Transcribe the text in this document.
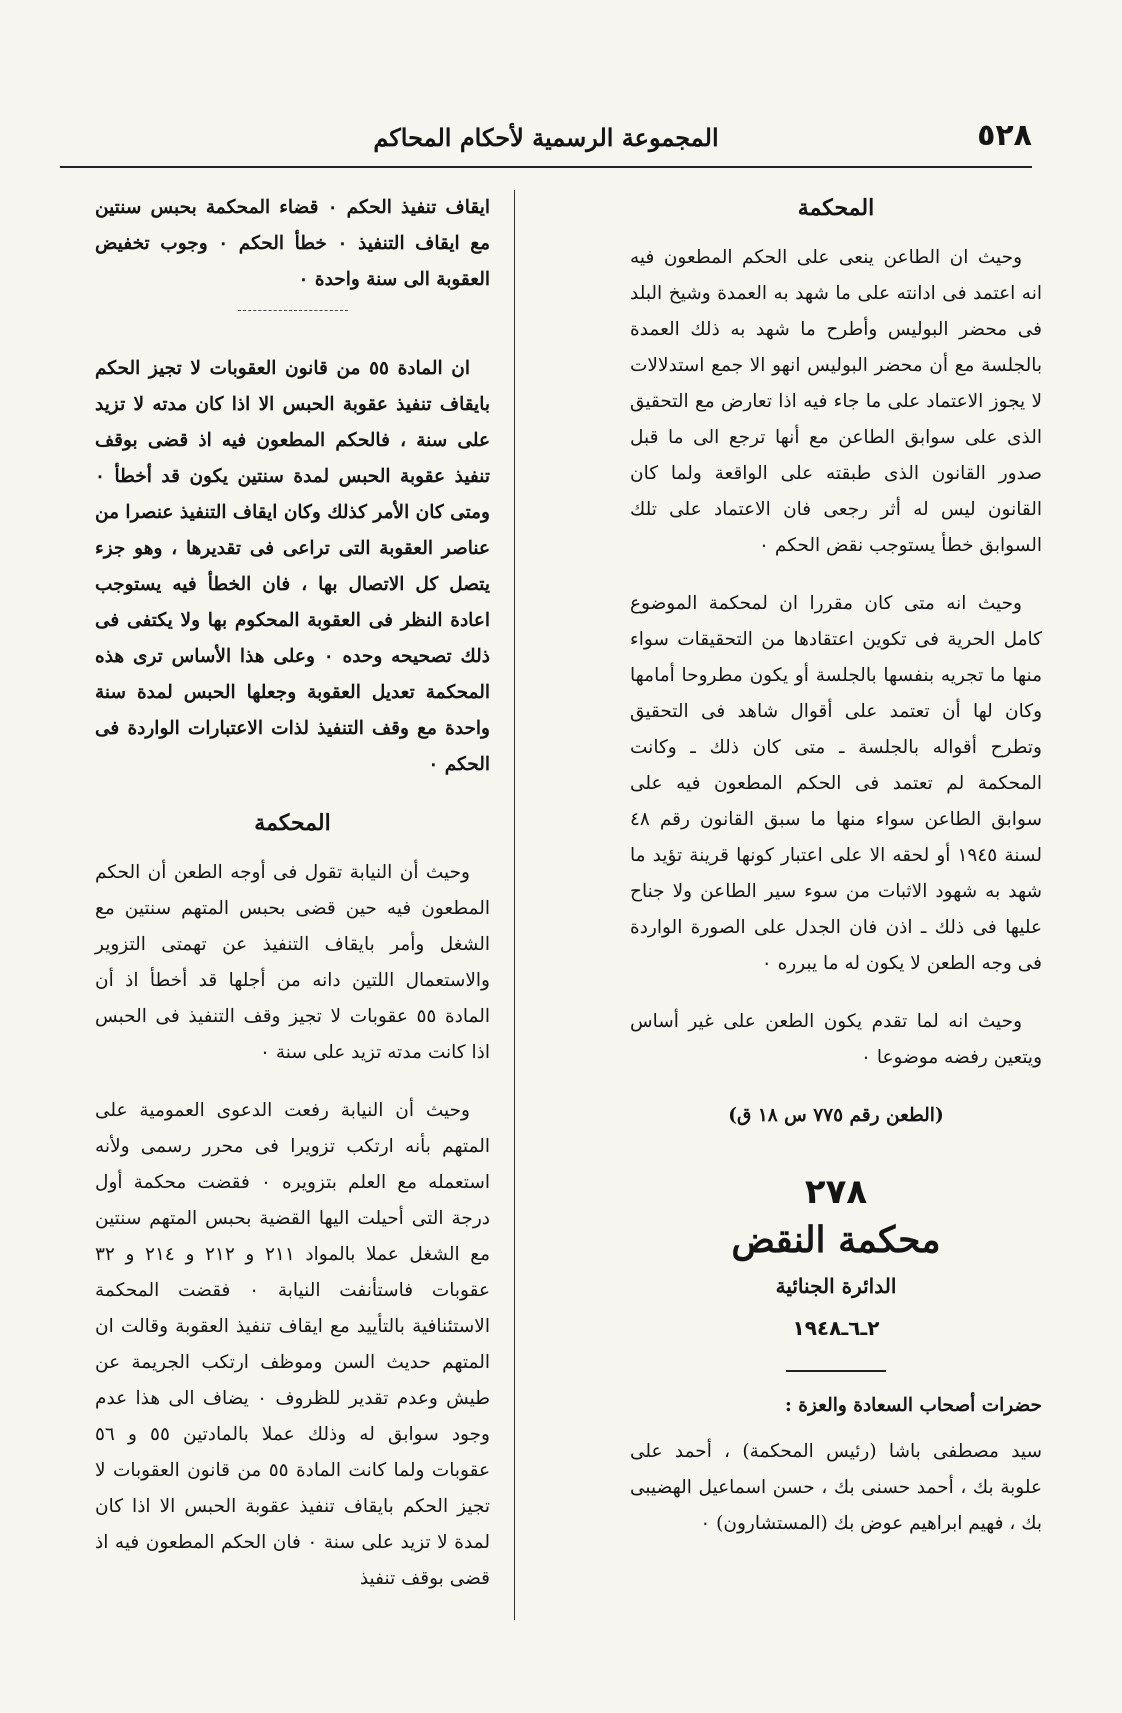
المجموعة الرسمية لأحكام المحاكم	٥٢٨
المحكمة

وحيث ان الطاعن ينعى على الحكم المطعون فيه انه اعتمد فى ادانته على ما شهد به العمدة وشيخ البلد فى محضر البوليس وأطرح ما شهد به ذلك العمدة بالجلسة مع أن محضر البوليس انهو الا جمع استدلالات لا يجوز الاعتماد على ما جاء فيه اذا تعارض مع التحقيق الذى على سوابق الطاعن مع أنها ترجع الى ما قبل صدور القانون الذى طبقته على الواقعة ولما كان القانون ليس له أثر رجعى فان الاعتماد على تلك السوابق خطأ يستوجب نقض الحكم ٠

وحيث انه متى كان مقررا ان لمحكمة الموضوع كامل الحرية فى تكوين اعتقادها من التحقيقات سواء منها ما تجريه بنفسها بالجلسة أو يكون مطروحا أمامها وكان لها أن تعتمد على أقوال شاهد فى التحقيق وتطرح أقواله بالجلسة ـ متى كان ذلك ـ وكانت المحكمة لم تعتمد فى الحكم المطعون فيه على سوابق الطاعن سواء منها ما سبق القانون رقم ٤٨ لسنة ١٩٤٥ أو لحقه الا على اعتبار كونها قرينة تؤيد ما شهد به شهود الاثبات من سوء سير الطاعن ولا جناح عليها فى ذلك ـ اذن فان الجدل على الصورة الواردة فى وجه الطعن لا يكون له ما يبرره ٠

وحيث انه لما تقدم يكون الطعن على غير أساس ويتعين رفضه موضوعا ٠

(الطعن رقم ٧٧٥ س ١٨ ق)
٢٧٨
محكمة النقض
الدائرة الجنائية
٢ـ٦ـ١٩٤٨
حضرات أصحاب السعادة والعزة :

سيد مصطفى باشا (رئيس المحكمة) ، أحمد على علوبة بك ، أحمد حسنى بك ، حسن اسماعيل الهضيبى بك ، فهيم ابراهيم عوض بك (المستشارون) ٠

ايقاف تنفيذ الحكم ٠ قضاء المحكمة بحبس سنتين مع ايقاف التنفيذ ٠ خطأ الحكم ٠ وجوب تخفيض العقوبة الى سنة واحدة ٠

ان المادة ٥٥ من قانون العقوبات لا تجيز الحكم بايقاف تنفيذ عقوبة الحبس الا اذا كان مدته لا تزيد على سنة ، فالحكم المطعون فيه اذ قضى بوقف تنفيذ عقوبة الحبس لمدة سنتين يكون قد أخطأ ٠ ومتى كان الأمر كذلك وكان ايقاف التنفيذ عنصرا من عناصر العقوبة التى تراعى فى تقديرها ، وهو جزء يتصل كل الاتصال بها ، فان الخطأ فيه يستوجب اعادة النظر فى العقوبة المحكوم بها ولا يكتفى فى ذلك تصحيحه وحده ٠ وعلى هذا الأساس ترى هذه المحكمة تعديل العقوبة وجعلها الحبس لمدة سنة واحدة مع وقف التنفيذ لذات الاعتبارات الواردة فى الحكم ٠

المحكمة

وحيث أن النيابة تقول فى أوجه الطعن أن الحكم المطعون فيه حين قضى بحبس المتهم سنتين مع الشغل وأمر بايقاف التنفيذ عن تهمتى التزوير والاستعمال اللتين دانه من أجلها قد أخطأ اذ أن المادة ٥٥ عقوبات لا تجيز وقف التنفيذ فى الحبس اذا كانت مدته تزيد على سنة ٠

وحيث أن النيابة رفعت الدعوى العمومية على المتهم بأنه ارتكب تزويرا فى محرر رسمى ولأنه استعمله مع العلم بتزويره ٠ فقضت محكمة أول درجة التى أحيلت اليها القضية بحبس المتهم سنتين مع الشغل عملا بالمواد ٢١١ و ٢١٢ و ٢١٤ و ٣٢ عقوبات فاستأنفت النيابة ٠ فقضت المحكمة الاستئنافية بالتأييد مع ايقاف تنفيذ العقوبة وقالت ان المتهم حديث السن وموظف ارتكب الجريمة عن طيش وعدم تقدير للظروف ٠ يضاف الى هذا عدم وجود سوابق له وذلك عملا بالمادتين ٥٥ و ٥٦ عقوبات ولما كانت المادة ٥٥ من قانون العقوبات لا تجيز الحكم بايقاف تنفيذ عقوبة الحبس الا اذا كان لمدة لا تزيد على سنة ٠ فان الحكم المطعون فيه اذ قضى بوقف تنفيذ
